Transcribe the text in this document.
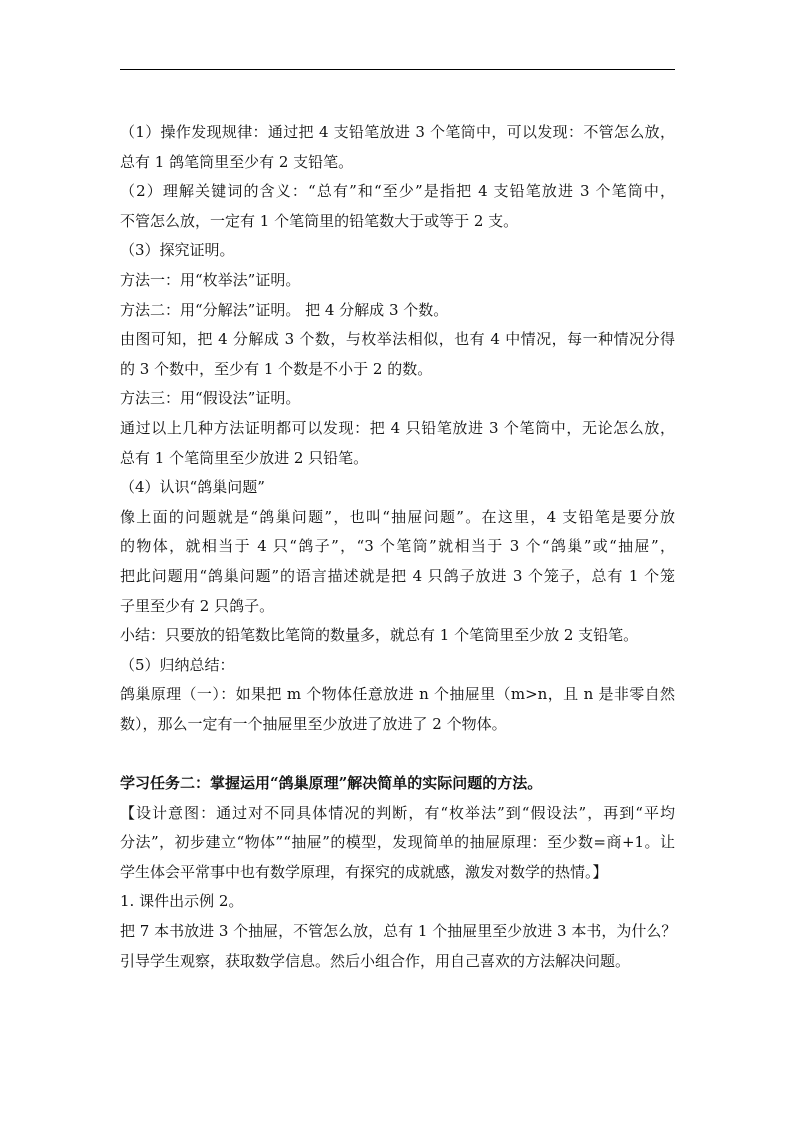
（1）操作发现规律：通过把 4 支铅笔放进 3 个笔筒中，可以发现：不管怎么放，
总有 1 鸽笔筒里至少有 2 支铅笔。
（2）理解关键词的含义：“总有”和“至少”是指把 4 支铅笔放进 3 个笔筒中，
不管怎么放，一定有 1 个笔筒里的铅笔数大于或等于 2 支。
（3）探究证明。
方法一：用“枚举法”证明。
方法二：用“分解法”证明。 把 4 分解成 3 个数。
由图可知，把 4 分解成 3 个数，与枚举法相似，也有 4 中情况，每一种情况分得
的 3 个数中，至少有 1 个数是不小于 2 的数。
方法三：用“假设法”证明。
通过以上几种方法证明都可以发现：把 4 只铅笔放进 3 个笔筒中，无论怎么放，
总有 1 个笔筒里至少放进 2 只铅笔。
（4）认识“鸽巢问题”
像上面的问题就是“鸽巢问题”，也叫“抽屉问题”。在这里，4 支铅笔是要分放
的物体，就相当于 4 只“鸽子”，“3 个笔筒”就相当于 3 个“鸽巢”或“抽屉”，
把此问题用“鸽巢问题”的语言描述就是把 4 只鸽子放进 3 个笼子，总有 1 个笼
子里至少有 2 只鸽子。
小结：只要放的铅笔数比笔筒的数量多，就总有 1 个笔筒里至少放 2 支铅笔。
（5）归纳总结：
鸽巢原理（一）：如果把 m 个物体任意放进 n 个抽屉里（m>n，且 n 是非零自然
数），那么一定有一个抽屉里至少放进了放进了 2 个物体。
学习任务二：掌握运用“鸽巢原理”解决简单的实际问题的方法。
【设计意图：通过对不同具体情况的判断，有“枚举法”到“假设法”，再到“平均
分法”，初步建立“物体”“抽屉”的模型，发现简单的抽屉原理：至少数=商+1。让
学生体会平常事中也有数学原理，有探究的成就感，激发对数学的热情。】
1. 课件出示例 2。
把 7 本书放进 3 个抽屉，不管怎么放，总有 1 个抽屉里至少放进 3 本书，为什么？
引导学生观察，获取数学信息。然后小组合作，用自己喜欢的方法解决问题。
